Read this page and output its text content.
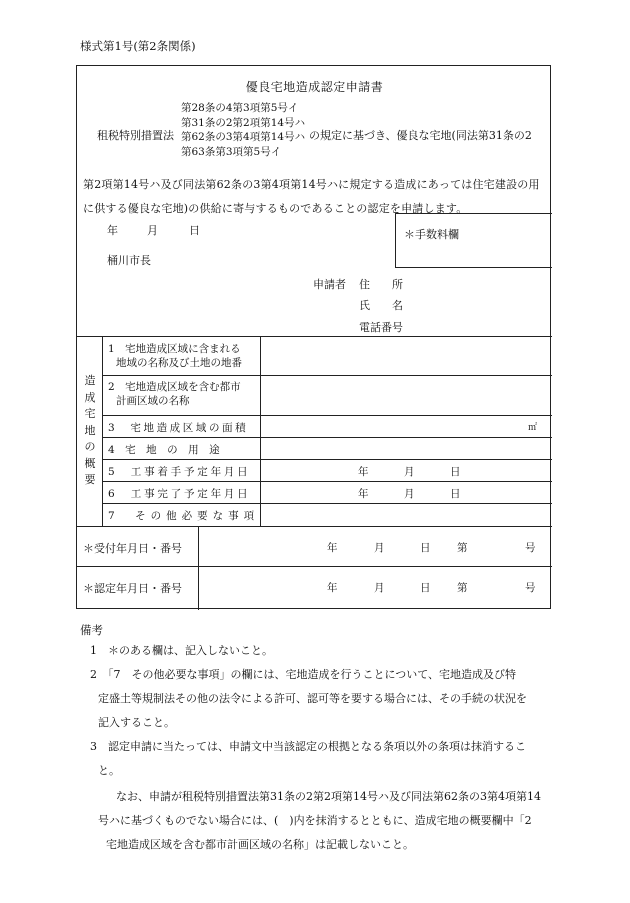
様式第1号(第2条関係)
優良宅地造成認定申請書
租税特別措置法
第28条の4第3項第5号イ
第31条の2第2項第14号ハ
第62条の3第4項第14号ハ
第63条第3項第5号イ
の規定に基づき、優良な宅地(同法第31条の2
第2項第14号ハ及び同法第62条の3第4項第14号ハに規定する造成にあっては住宅建設の用
に供する優良な宅地)の供給に寄与するものであることの認定を申請します。
年	月	日
桶川市長
＊手数料欄
申請者 住　　所
氏　　名
電話番号
造
成
宅
地
の
概
要
1　宅地造成区域に含まれる
地域の名称及び土地の地番
2　宅地造成区域を含む都市
計画区域の名称
3　宅地造成区域の面積	㎡
4　宅　地　の　用　途
5　工事着手予定年月日	年	月	日
6　工事完了予定年月日	年	月	日
7　その他必要な事項
＊受付年月日・番号	年	月	日	第	号
＊認定年月日・番号	年	月	日	第	号
備考
1　＊のある欄は、記入しないこと。
2　「7　その他必要な事項」の欄には、宅地造成を行うことについて、宅地造成及び特
定盛土等規制法その他の法令による許可、認可等を要する場合には、その手続の状況を
記入すること。
3　認定申請に当たっては、申請文中当該認定の根拠となる条項以外の条項は抹消するこ
と。
なお、申請が租税特別措置法第31条の2第2項第14号ハ及び同法第62条の3第4項第14
号ハに基づくものでない場合には、(　)内を抹消するとともに、造成宅地の概要欄中「2
宅地造成区域を含む都市計画区域の名称」は記載しないこと。
